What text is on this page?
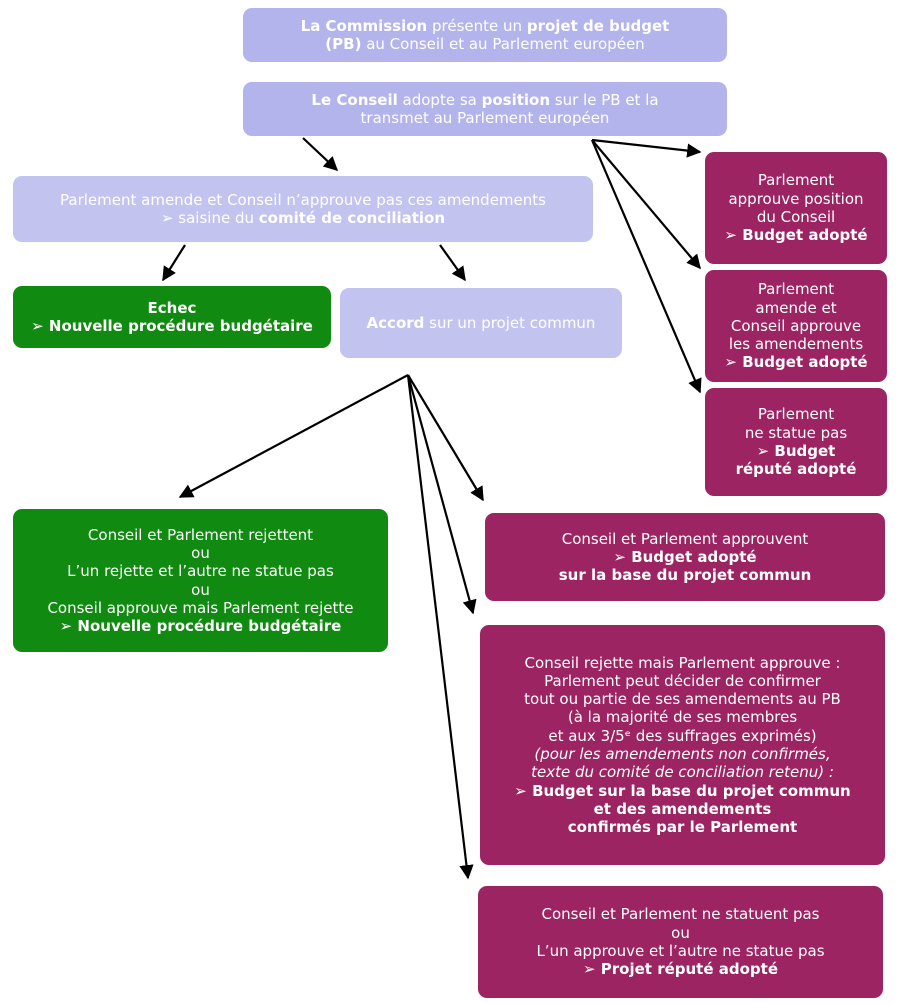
La Commission présente un projet de budget
(PB) au Conseil et au Parlement européen
Le Conseil adopte sa position sur le PB et la
transmet au Parlement européen
Parlement amende et Conseil n’approuve pas ces amendements
➢ saisine du comité de conciliation
Echec
➢ Nouvelle procédure budgétaire	Accord sur un projet commun
Parlement
approuve position
du Conseil
➢ Budget adopté
Parlement
amende et
Conseil approuve
les amendements
➢ Budget adopté
Parlement
ne statue pas
➢ Budget
réputé adopté
Conseil et Parlement rejettent
ou
L’un rejette et l’autre ne statue pas
ou
Conseil approuve mais Parlement rejette
➢ Nouvelle procédure budgétaire
Conseil et Parlement approuvent
➢ Budget adopté
sur la base du projet commun
Conseil rejette mais Parlement approuve :
Parlement peut décider de confirmer
tout ou partie de ses amendements au PB
(à la majorité de ses membres
et aux 3/5ᵉ des suffrages exprimés)
(pour les amendements non confirmés,
texte du comité de conciliation retenu) :
➢ Budget sur la base du projet commun
et des amendements
confirmés par le Parlement
Conseil et Parlement ne statuent pas
ou
L’un approuve et l’autre ne statue pas
➢ Projet réputé adopté
